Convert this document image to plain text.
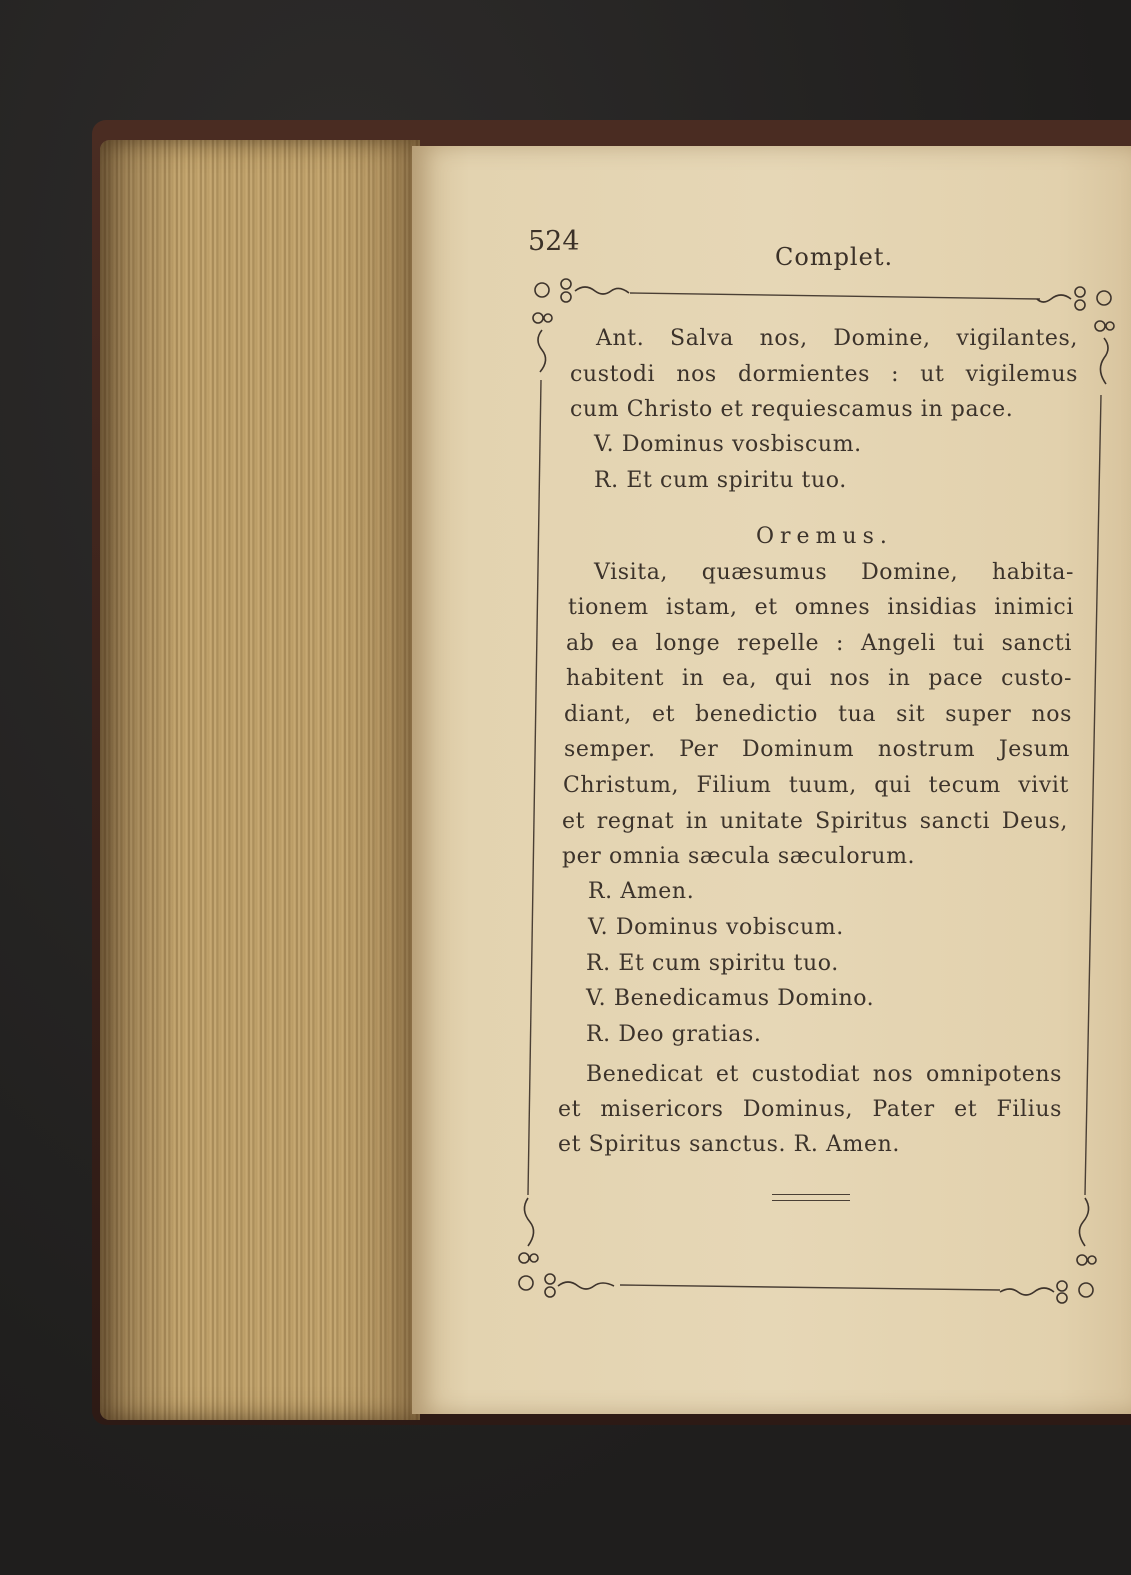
524	Complet.
Ant. Salva nos, Domine, vigilantes,
custodi nos dormientes : ut vigilemus
cum Christo et requiescamus in pace.
V. Dominus vosbiscum.
R. Et cum spiritu tuo.
Oremus.
Visita, quæsumus Domine, habita-
tionem istam, et omnes insidias inimici
ab ea longe repelle : Angeli tui sancti
habitent in ea, qui nos in pace custo-
diant, et benedictio tua sit super nos
semper. Per Dominum nostrum Jesum
Christum, Filium tuum, qui tecum vivit
et regnat in unitate Spiritus sancti Deus,
per omnia sæcula sæculorum.
R. Amen.
V. Dominus vobiscum.
R. Et cum spiritu tuo.
V. Benedicamus Domino.
R. Deo gratias.
Benedicat et custodiat nos omnipotens
et misericors Dominus, Pater et Filius
et Spiritus sanctus. R. Amen.
